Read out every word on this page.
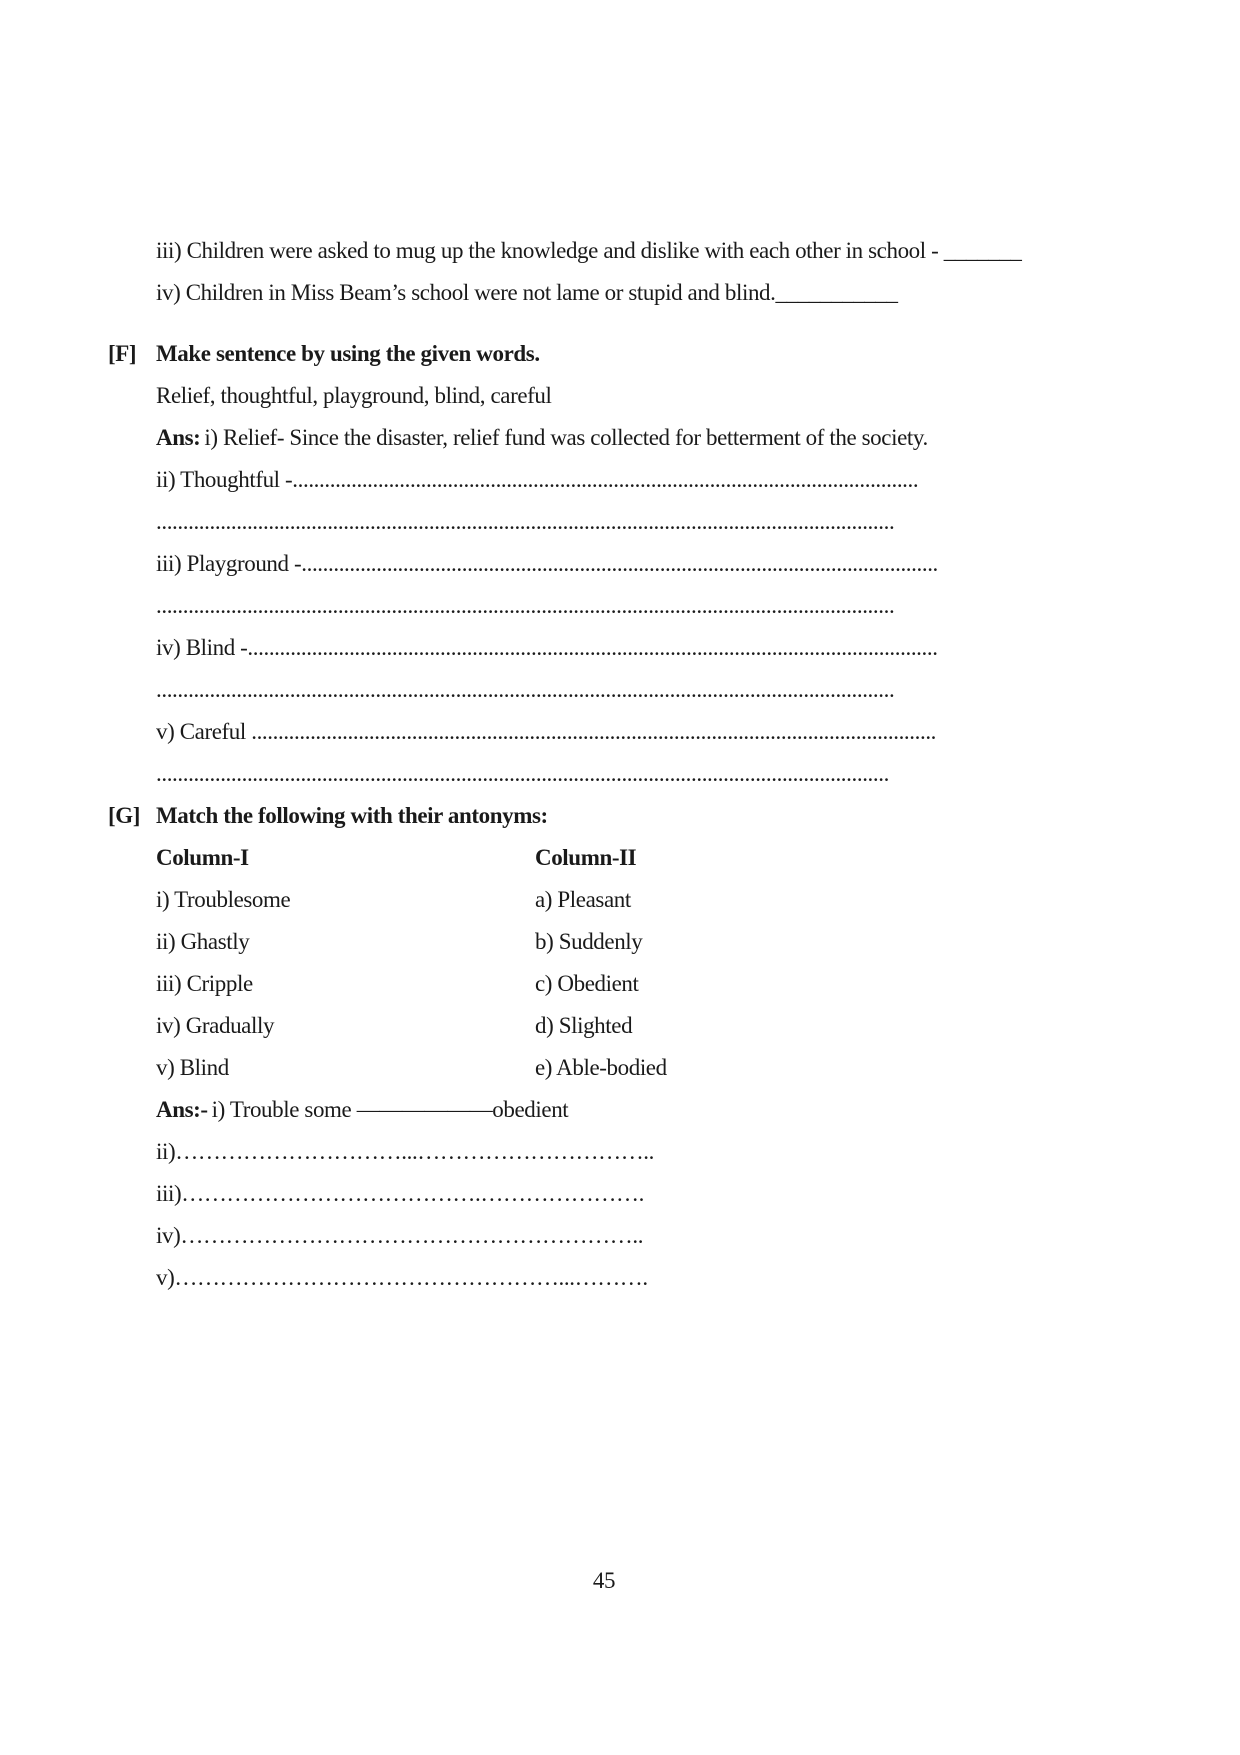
iii) Children were asked to mug up the knowledge and dislike with each other in school - _______
iv) Children in Miss Beam’s school were not lame or stupid and blind.___________
[F] Make sentence by using the given words.
Relief, thoughtful, playground, blind, careful
Ans: i) Relief- Since the disaster, relief fund was collected for betterment of the society.
ii) Thoughtful -.....................................................................................................................
..........................................................................................................................................
iii) Playground -.......................................................................................................................
..........................................................................................................................................
iv) Blind -.................................................................................................................................
..........................................................................................................................................
v) Careful ................................................................................................................................
.........................................................................................................................................
[G] Match the following with their antonyms:
Column-I	Column-II
i) Troublesome	a) Pleasant
ii) Ghastly	b) Suddenly
iii) Cripple	c) Obedient
iv) Gradually	d) Slighted
v) Blind	e) Able-bodied
Ans:- i) Trouble some ——————obedient
ii)…………………………...…………………………..
iii)………………………………….………………….
iv)……………………………………………………..
v)……………………………………………...……….
45
